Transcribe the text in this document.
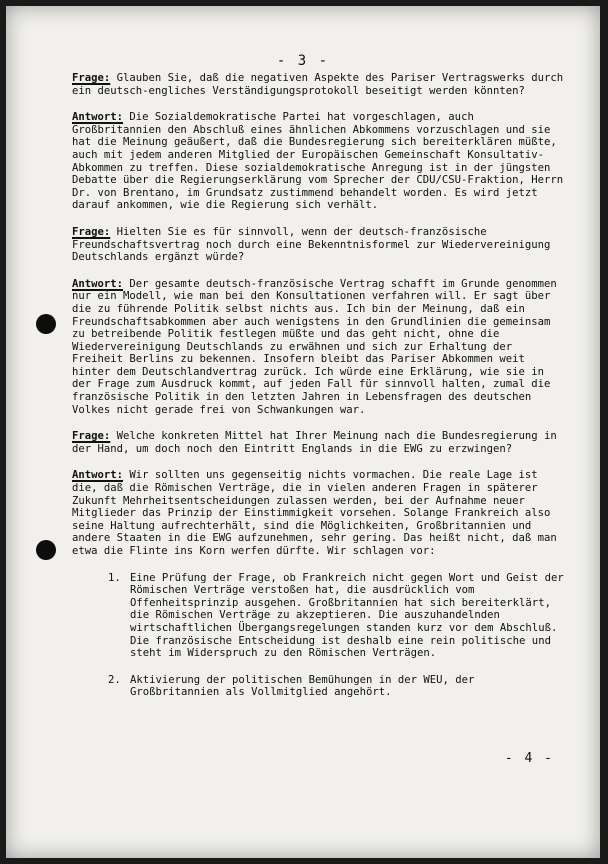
- 3 -

Frage: Glauben Sie, daß die negativen Aspekte des Pariser Vertragswerks durch ein deutsch-engliches Verständigungsprotokoll beseitigt werden könnten?

Antwort: Die Sozialdemokratische Partei hat vorgeschlagen, auch Großbritannien den Abschluß eines ähnlichen Abkommens vorzuschlagen und sie hat die Meinung geäußert, daß die Bundesregierung sich bereiterklären müßte, auch mit jedem anderen Mitglied der Europäischen Gemeinschaft Konsultativ-Abkommen zu treffen. Diese sozialdemokratische Anregung ist in der jüngsten Debatte über die Regierungserklärung vom Sprecher der CDU/CSU-Fraktion, Herrn Dr. von Brentano, im Grundsatz zustimmend behandelt worden. Es wird jetzt darauf ankommen, wie die Regierung sich verhält.

Frage: Hielten Sie es für sinnvoll, wenn der deutsch-französische Freundschaftsvertrag noch durch eine Bekenntnisformel zur Wiedervereinigung Deutschlands ergänzt würde?

Antwort: Der gesamte deutsch-französische Vertrag schafft im Grunde genommen nur ein Modell, wie man bei den Konsultationen verfahren will. Er sagt über die zu führende Politik selbst nichts aus. Ich bin der Meinung, daß ein Freundschaftsabkommen aber auch wenigstens in den Grundlinien die gemeinsam zu betreibende Politik festlegen müßte und das geht nicht, ohne die Wiedervereinigung Deutschlands zu erwähnen und sich zur Erhaltung der Freiheit Berlins zu bekennen. Insofern bleibt das Pariser Abkommen weit hinter dem Deutschlandvertrag zurück. Ich würde eine Erklärung, wie sie in der Frage zum Ausdruck kommt, auf jeden Fall für sinnvoll halten, zumal die französische Politik in den letzten Jahren in Lebensfragen des deutschen Volkes nicht gerade frei von Schwankungen war.

Frage: Welche konkreten Mittel hat Ihrer Meinung nach die Bundesregierung in der Hand, um doch noch den Eintritt Englands in die EWG zu erzwingen?

Antwort: Wir sollten uns gegenseitig nichts vormachen. Die reale Lage ist die, daß die Römischen Verträge, die in vielen anderen Fragen in späterer Zukunft Mehrheitsentscheidungen zulassen werden, bei der Aufnahme neuer Mitglieder das Prinzip der Einstimmigkeit vorsehen. Solange Frankreich also seine Haltung aufrechterhält, sind die Möglichkeiten, Großbritannien und andere Staaten in die EWG aufzunehmen, sehr gering. Das heißt nicht, daß man etwa die Flinte ins Korn werfen dürfte. Wir schlagen vor:

1. Eine Prüfung der Frage, ob Frankreich nicht gegen Wort und Geist der Römischen Verträge verstoßen hat, die ausdrücklich vom Offenheitsprinzip ausgehen. Großbritannien hat sich bereiterklärt, die Römischen Verträge zu akzeptieren. Die auszuhandelnden wirtschaftlichen Übergangsregelungen standen kurz vor dem Abschluß. Die französische Entscheidung ist deshalb eine rein politische und steht im Widerspruch zu den Römischen Verträgen.
2. Aktivierung der politischen Bemühungen in der WEU, der Großbritannien als Vollmitglied angehört.
- 4 -
